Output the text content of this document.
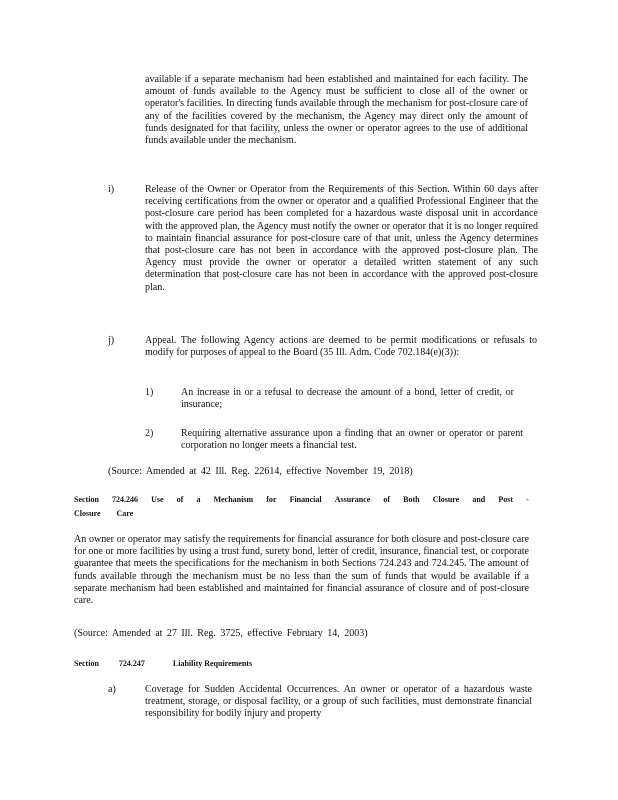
available if a separate mechanism had been established and maintained for each facility. The amount of funds available to the Agency must be sufficient to close all of the owner or operator's facilities. In directing funds available through the mechanism for post-closure care of any of the facilities covered by the mechanism, the Agency may direct only the amount of funds designated for that facility, unless the owner or operator agrees to the use of additional funds available under the mechanism.

i)	Release of the Owner or Operator from the Requirements of this Section. Within 60 days after receiving certifications from the owner or operator and a qualified Professional Engineer that the post-closure care period has been completed for a hazardous waste disposal unit in accordance with the approved plan, the Agency must notify the owner or operator that it is no longer required to maintain financial assurance for post-closure care of that unit, unless the Agency determines that post-closure care has not been in accordance with the approved post-closure plan. The Agency must provide the owner or operator a detailed written statement of any such determination that post-closure care has not been in accordance with the approved post-closure plan.

j)	Appeal. The following Agency actions are deemed to be permit modifications or refusals to modify for purposes of appeal to the Board (35 Ill. Adm. Code 702.184(e)(3)):

1)	An increase in or a refusal to decrease the amount of a bond, letter of credit, or insurance;

2)	Requiring alternative assurance upon a finding that an owner or operator or parent corporation no longer meets a financial test.

(Source: Amended at 42 Ill. Reg. 22614, effective November 19, 2018)

Section 724.246 Use of a Mechanism for Financial Assurance of Both Closure and Post -
Closure Care

An owner or operator may satisfy the requirements for financial assurance for both closure and post-closure care for one or more facilities by using a trust fund, surety bond, letter of credit, insurance, financial test, or corporate guarantee that meets the specifications for the mechanism in both Sections 724.243 and 724.245. The amount of funds available through the mechanism must be no less than the sum of funds that would be available if a separate mechanism had been established and maintained for financial assurance of closure and of post-closure care.

(Source: Amended at 27 Ill. Reg. 3725, effective February 14, 2003)

Section	724.247	Liability Requirements
a)	Coverage for Sudden Accidental Occurrences. An owner or operator of a hazardous waste treatment, storage, or disposal facility, or a group of such facilities, must demonstrate financial responsibility for bodily injury and property
